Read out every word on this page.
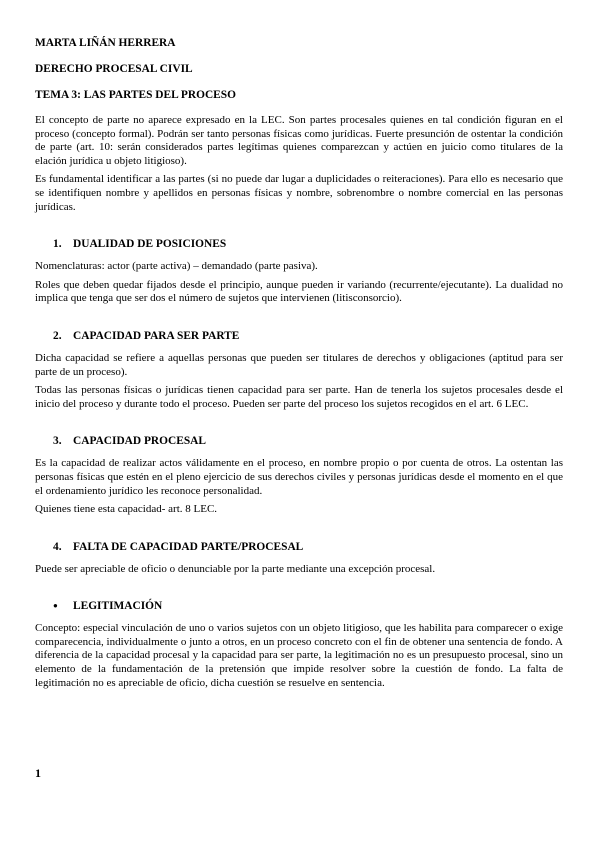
MARTA LIÑÁN HERRERA
DERECHO PROCESAL CIVIL
TEMA 3: LAS PARTES DEL PROCESO

El concepto de parte no aparece expresado en la LEC. Son partes procesales quienes en tal condición figuran en el proceso (concepto formal). Podrán ser tanto personas físicas como jurídicas. Fuerte presunción de ostentar la condición de parte (art. 10: serán considerados partes legítimas quienes comparezcan y actúen en juicio como titulares de la elación jurídica u objeto litigioso).

Es fundamental identificar a las partes (si no puede dar lugar a duplicidades o reiteraciones). Para ello es necesario que se identifiquen nombre y apellidos en personas físicas y nombre, sobrenombre o nombre comercial en las personas jurídicas.

1.	DUALIDAD DE POSICIONES

Nomenclaturas: actor (parte activa) – demandado (parte pasiva).

Roles que deben quedar fijados desde el principio, aunque pueden ir variando (recurrente/ejecutante). La dualidad no implica que tenga que ser dos el número de sujetos que intervienen (litisconsorcio).

2.	CAPACIDAD PARA SER PARTE

Dicha capacidad se refiere a aquellas personas que pueden ser titulares de derechos y obligaciones (aptitud para ser parte de un proceso).

Todas las personas físicas o jurídicas tienen capacidad para ser parte. Han de tenerla los sujetos procesales desde el inicio del proceso y durante todo el proceso. Pueden ser parte del proceso los sujetos recogidos en el art. 6 LEC.

3.	CAPACIDAD PROCESAL

Es la capacidad de realizar actos válidamente en el proceso, en nombre propio o por cuenta de otros. La ostentan las personas físicas que estén en el pleno ejercicio de sus derechos civiles y personas jurídicas desde el momento en el que el ordenamiento jurídico les reconoce personalidad.

Quienes tiene esta capacidad- art. 8 LEC.

4.	FALTA DE CAPACIDAD PARTE/PROCESAL

Puede ser apreciable de oficio o denunciable por la parte mediante una excepción procesal.

●	LEGITIMACIÓN

Concepto: especial vinculación de uno o varios sujetos con un objeto litigioso, que les habilita para comparecer o exige comparecencia, individualmente o junto a otros, en un proceso concreto con el fin de obtener una sentencia de fondo. A diferencia de la capacidad procesal y la capacidad para ser parte, la legitimación no es un presupuesto procesal, sino un elemento de la fundamentación de la pretensión que impide resolver sobre la cuestión de fondo. La falta de legitimación no es apreciable de oficio, dicha cuestión se resuelve en sentencia.

1
